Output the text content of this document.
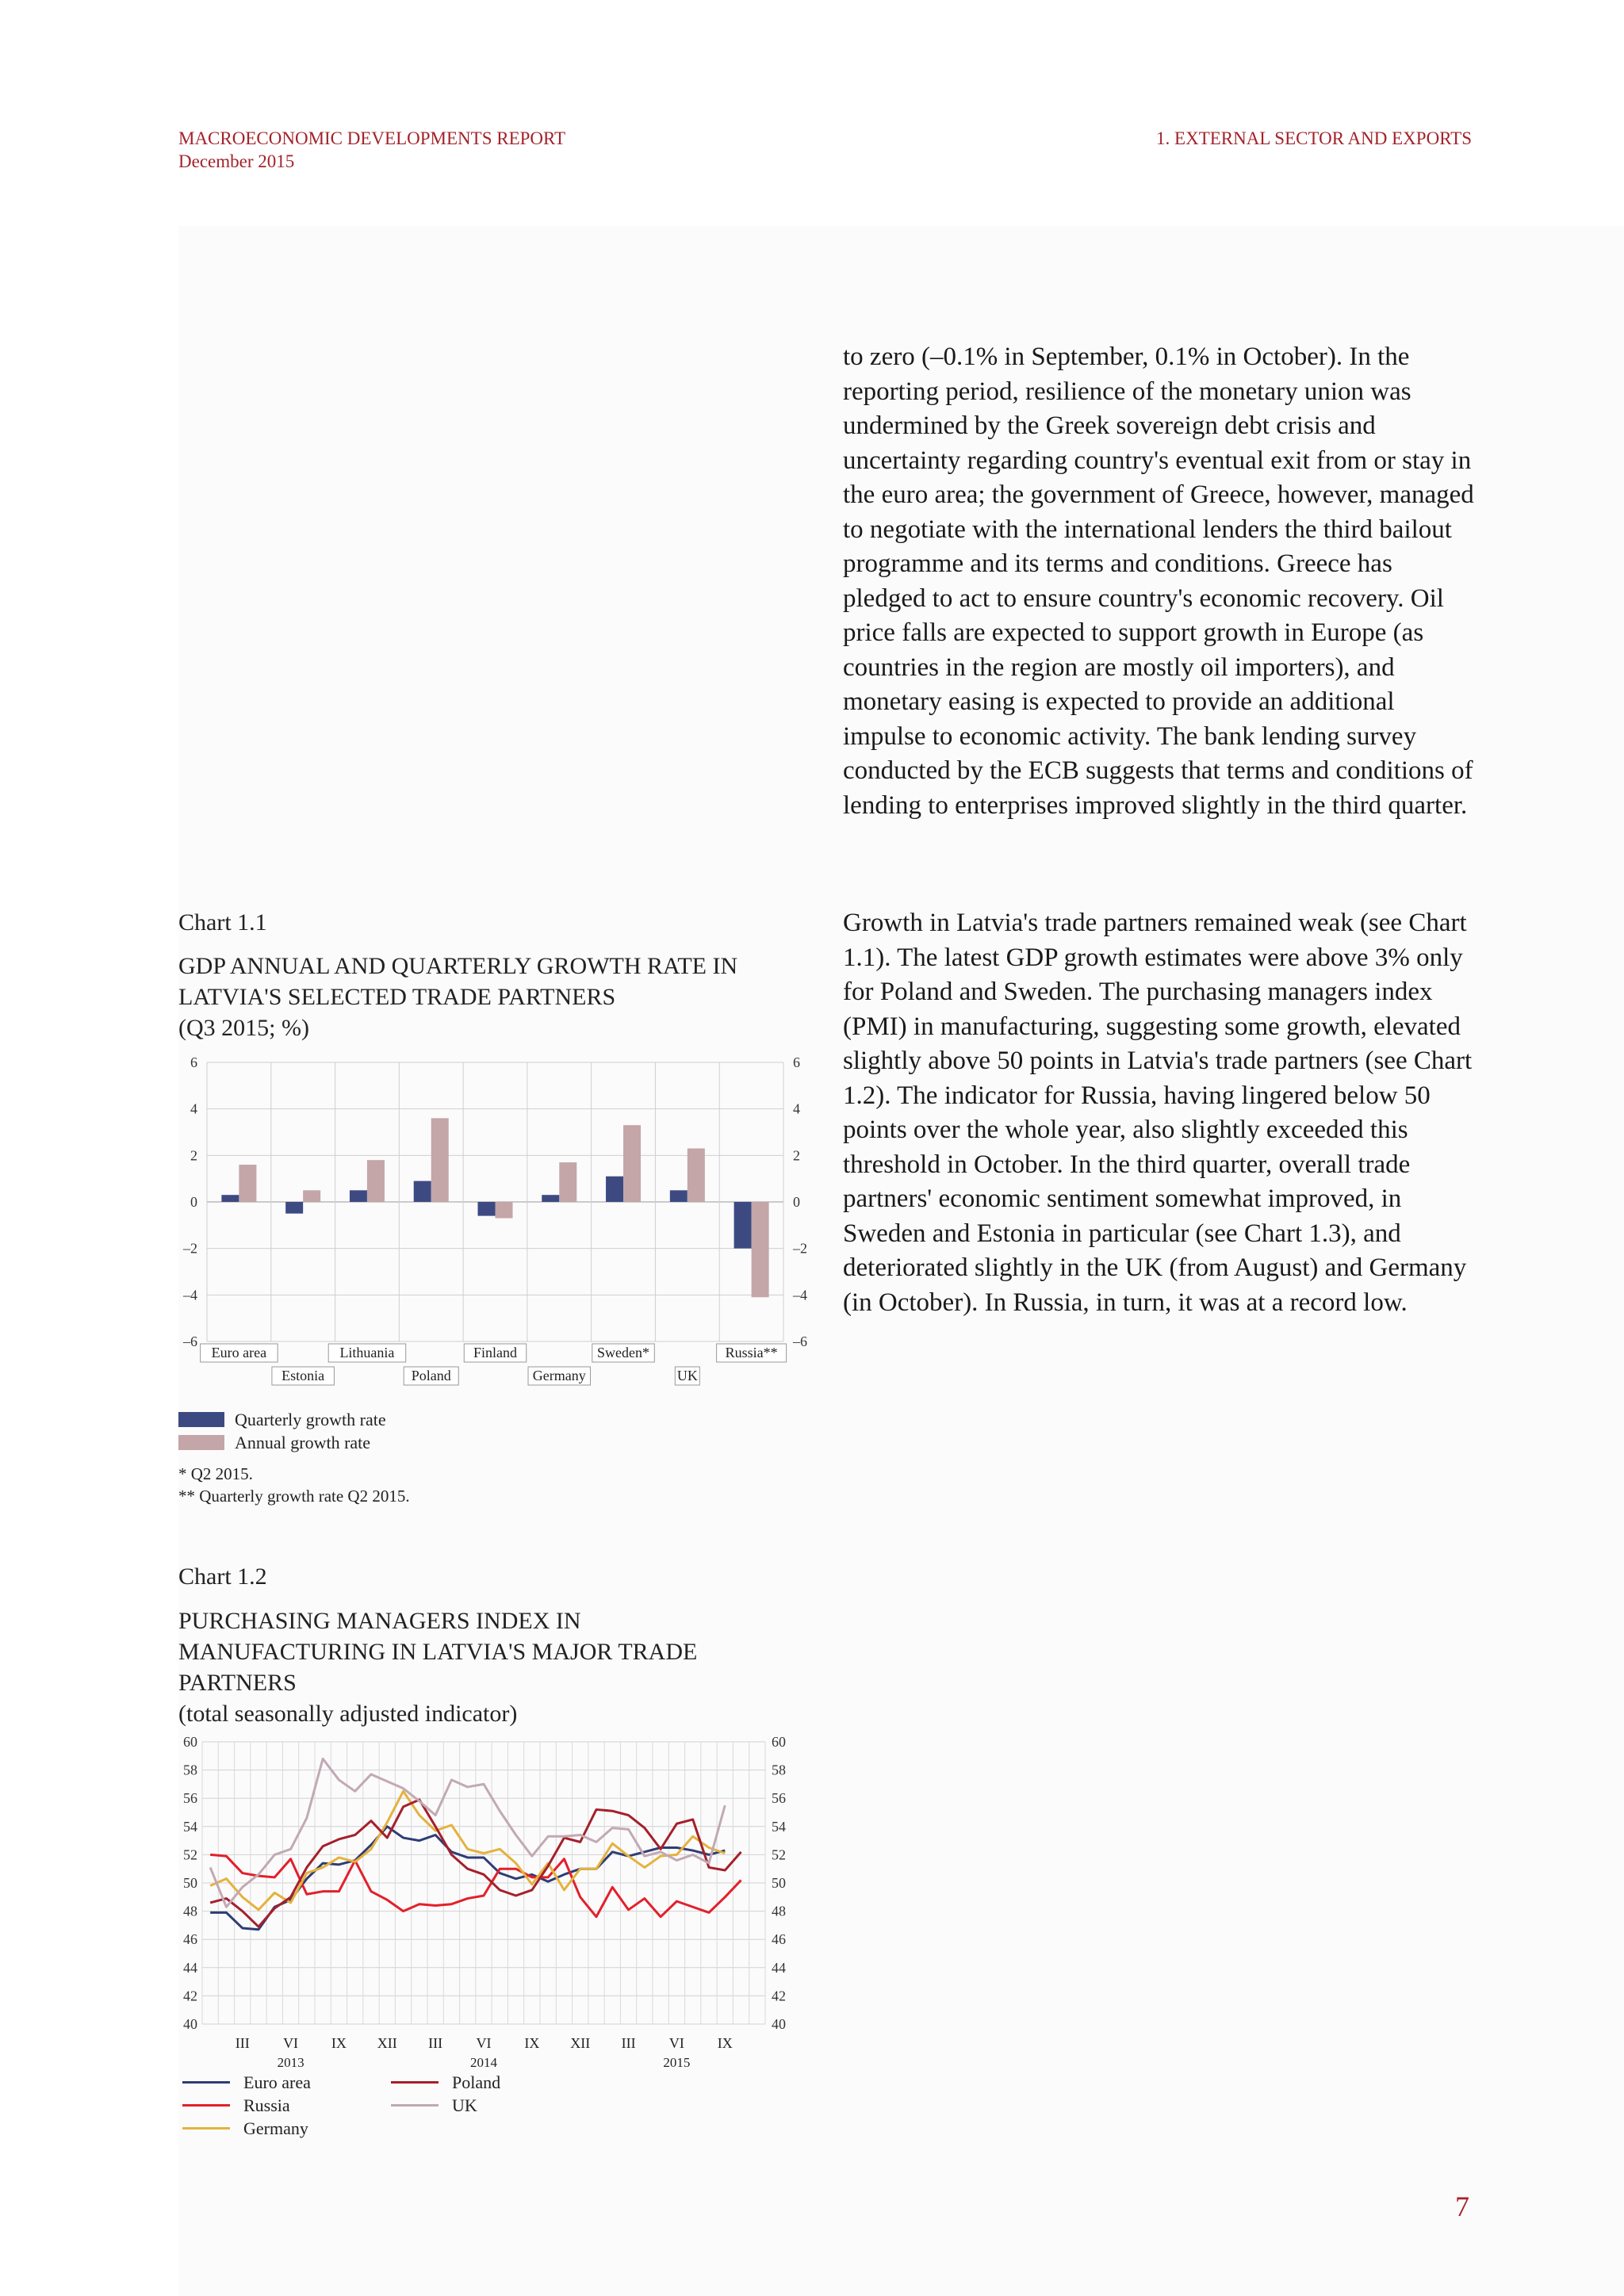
MACROECONOMIC DEVELOPMENTS REPORT
December 2015
1. EXTERNAL SECTOR AND EXPORTS

to zero (–0.1% in September, 0.1% in October). In the reporting period, resilience of the monetary union was undermined by the Greek sovereign debt crisis and uncertainty regarding country's eventual exit from or stay in the euro area; the government of Greece, however, managed to negotiate with the international lenders the third bailout programme and its terms and conditions. Greece has pledged to act to ensure country's economic recovery. Oil price falls are expected to support growth in Europe (as countries in the region are mostly oil importers), and monetary easing is expected to provide an additional impulse to economic activity. The bank lending survey conducted by the ECB suggests that terms and conditions of lending to enterprises improved slightly in the third quarter.

Growth in Latvia's trade partners remained weak (see Chart 1.1). The latest GDP growth estimates were above 3% only for Poland and Sweden. The purchasing managers index (PMI) in manufacturing, suggesting some growth, elevated slightly above 50 points in Latvia's trade partners (see Chart 1.2). The indicator for Russia, having lingered below 50 points over the whole year, also slightly exceeded this threshold in October. In the third quarter, overall trade partners' economic sentiment somewhat improved, in Sweden and Estonia in particular (see Chart 1.3), and deteriorated slightly in the UK (from August) and Germany (in October). In Russia, in turn, it was at a record low.

Chart 1.1
GDP ANNUAL AND QUARTERLY GROWTH RATE IN LATVIA'S SELECTED TRADE PARTNERS
(Q3 2015; %)
6	6
4	4
2	2
0	0
–2	–2
–4	–4
–6	–6
Euro area
Estonia
Lithuania
Poland
Finland
Germany
Sweden*
UK
Russia**
Quarterly growth rate
Annual growth rate
* Q2 2015.
** Quarterly growth rate Q2 2015.
Chart 1.2
PURCHASING MANAGERS INDEX IN MANUFACTURING IN LATVIA'S MAJOR TRADE PARTNERS
(total seasonally adjusted indicator)
60	60
58	58
56	56
54	54
52	52
50	50
48	48
46	46
44	44
42	42
40	40
III VI IX XII III VI IX XII III VI IX
2013	2014	2015
Euro area
Russia
Germany
Poland
UK
7
